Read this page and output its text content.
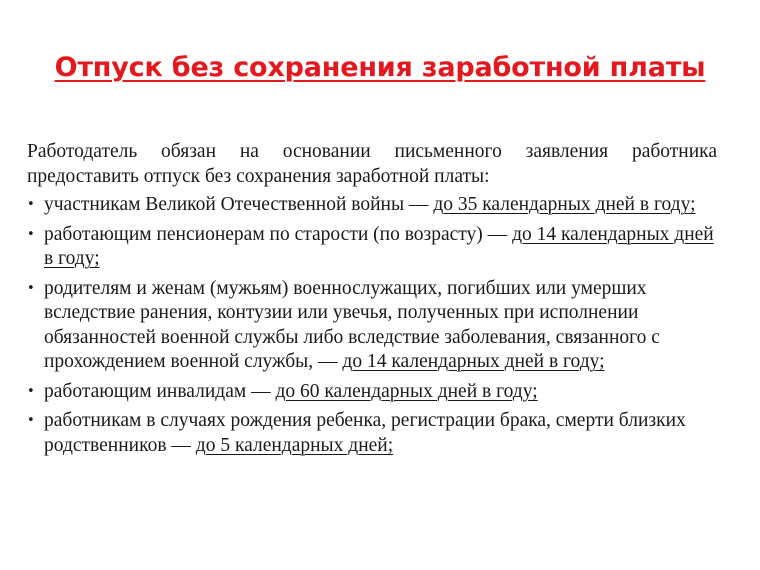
Отпуск без сохранения заработной платы

Работодатель обязан на основании письменного заявления работника предоставить отпуск без сохранения заработной платы:

• участникам Великой Отечественной войны — до 35 календарных дней в году;
• работающим пенсионерам по старости (по возрасту) — до 14 календарных дней в году;
• родителям и женам (мужьям) военнослужащих, погибших или умерших вследствие ранения, контузии или увечья, полученных при исполнении обязанностей военной службы либо вследствие заболевания, связанного с прохождением военной службы, — до 14 календарных дней в году;
• работающим инвалидам — до 60 календарных дней в году;
• работникам в случаях рождения ребенка, регистрации брака, смерти близких родственников — до 5 календарных дней;
